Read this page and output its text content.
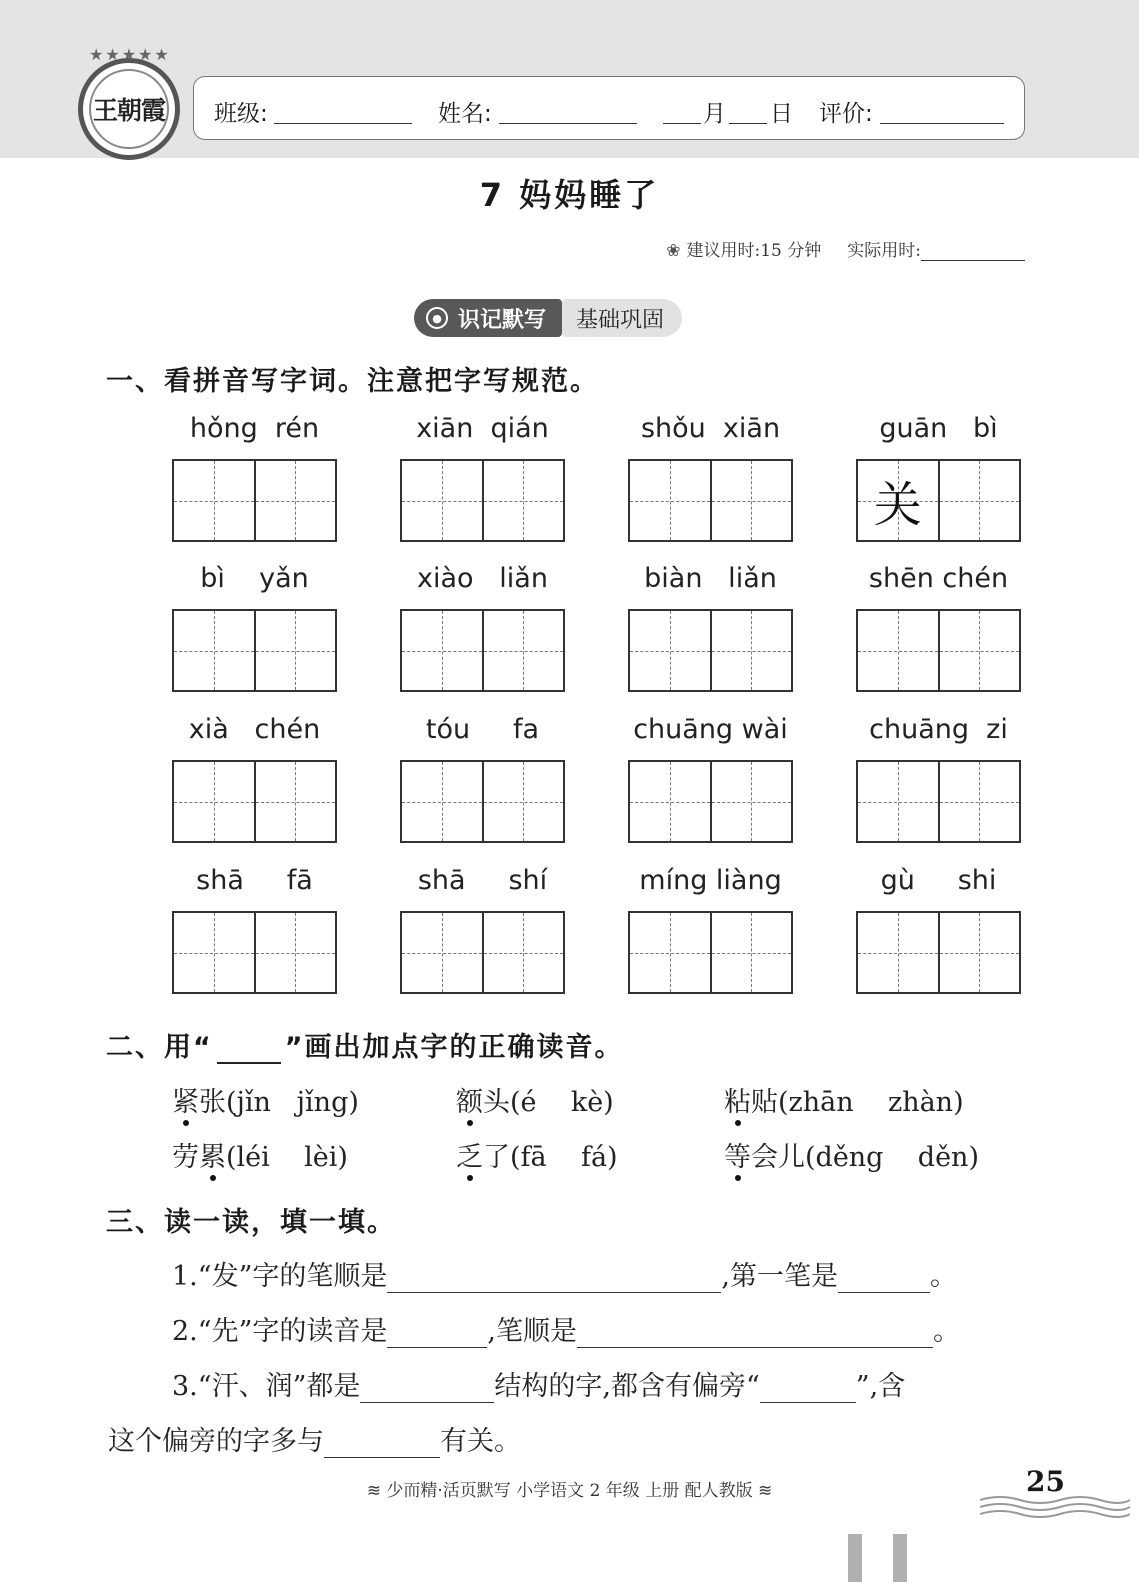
★★★★★
王朝霞 班级:	姓名:	月 日 评价:
7 妈妈睡了
❀ 建议用时:15 分钟 实际用时:
● 识记默写 基础巩固
一、看拼音写字词。注意把字写规范。
hǒng  rén	xiān  qián	shǒu  xiān	guān   bì
关
bì    yǎn	xiào   liǎn	biàn   liǎn	shēn chén
xià   chén	tóu     fa	chuāng wài	chuāng  zi
shā     fā	shā     shí	míng liàng	gù     shi
二、用“	”画出加点字的正确读音。
紧张(jǐn   jǐng)	额头(é    kè)	粘贴(zhān    zhàn)
劳累(léi    lèi)	乏了(fā    fá)	等会儿(děng    děn)
三、读一读，填一填。
1.“发”字的笔顺是	,第一笔是	。
2.“先”字的读音是	,笔顺是	。
3.“汗、润”都是	结构的字,都含有偏旁“	”,含
这个偏旁的字多与	有关。
≋ 少而精·活页默写 小学语文 2 年级 上册 配人教版 ≋	25
